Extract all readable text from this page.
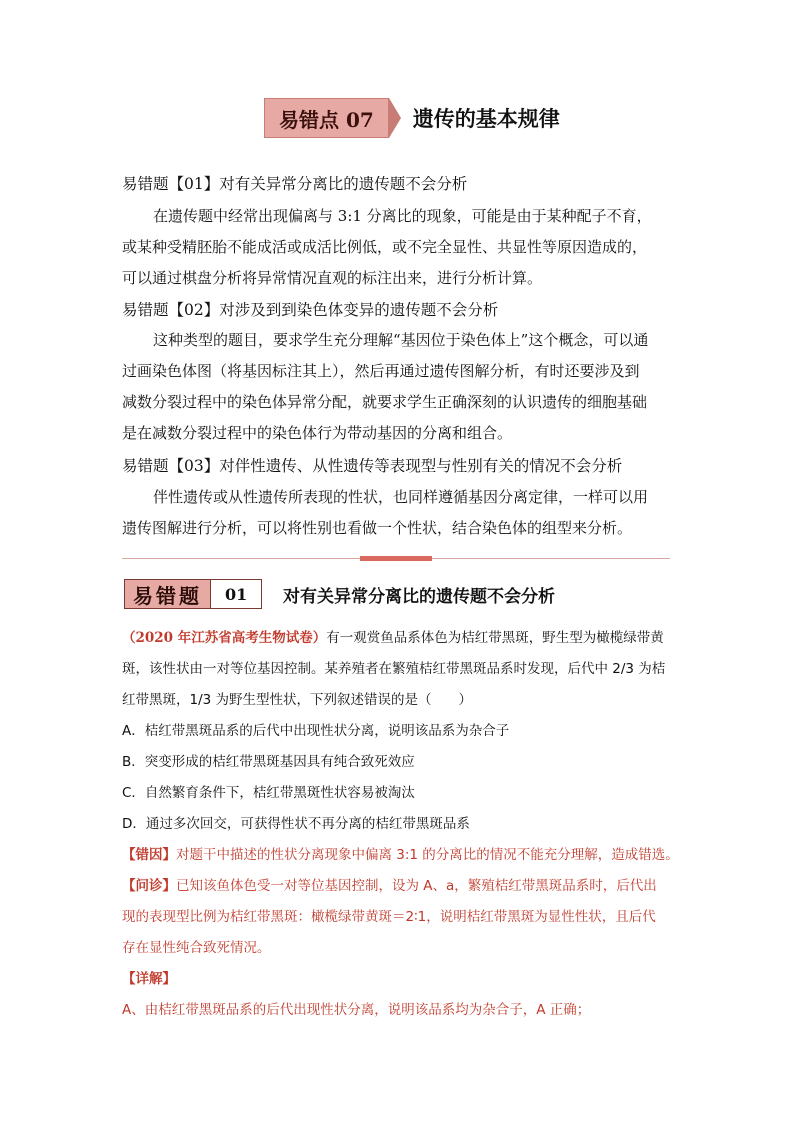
易错点 07	遗传的基本规律
易错题【01】对有关异常分离比的遗传题不会分析
在遗传题中经常出现偏离与 3:1 分离比的现象，可能是由于某种配子不育，
或某种受精胚胎不能成活或成活比例低，或不完全显性、共显性等原因造成的，
可以通过棋盘分析将异常情况直观的标注出来，进行分析计算。
易错题【02】对涉及到到染色体变异的遗传题不会分析
这种类型的题目，要求学生充分理解“基因位于染色体上”这个概念，可以通
过画染色体图（将基因标注其上），然后再通过遗传图解分析，有时还要涉及到
减数分裂过程中的染色体异常分配，就要求学生正确深刻的认识遗传的细胞基础
是在减数分裂过程中的染色体行为带动基因的分离和组合。
易错题【03】对伴性遗传、从性遗传等表现型与性别有关的情况不会分析
伴性遗传或从性遗传所表现的性状，也同样遵循基因分离定律，一样可以用
遗传图解进行分析，可以将性别也看做一个性状，结合染色体的组型来分析。
易错题	01	对有关异常分离比的遗传题不会分析
（2020 年江苏省高考生物试卷）有一观赏鱼品系体色为桔红带黑斑，野生型为橄榄绿带黄
斑，该性状由一对等位基因控制。某养殖者在繁殖桔红带黑斑品系时发现，后代中 2/3 为桔
红带黑斑，1/3 为野生型性状，下列叙述错误的是（　　）
A．桔红带黑斑品系的后代中出现性状分离，说明该品系为杂合子
B．突变形成的桔红带黑斑基因具有纯合致死效应
C．自然繁育条件下，桔红带黑斑性状容易被淘汰
D．通过多次回交，可获得性状不再分离的桔红带黑斑品系
【错因】对题干中描述的性状分离现象中偏离 3:1 的分离比的情况不能充分理解，造成错选。
【问诊】已知该鱼体色受一对等位基因控制，设为 A、a，繁殖桔红带黑斑品系时，后代出
现的表现型比例为桔红带黑斑：橄榄绿带黄斑＝2∶1，说明桔红带黑斑为显性性状，且后代
存在显性纯合致死情况。
【详解】
A、由桔红带黑斑品系的后代出现性状分离，说明该品系均为杂合子，A 正确；
